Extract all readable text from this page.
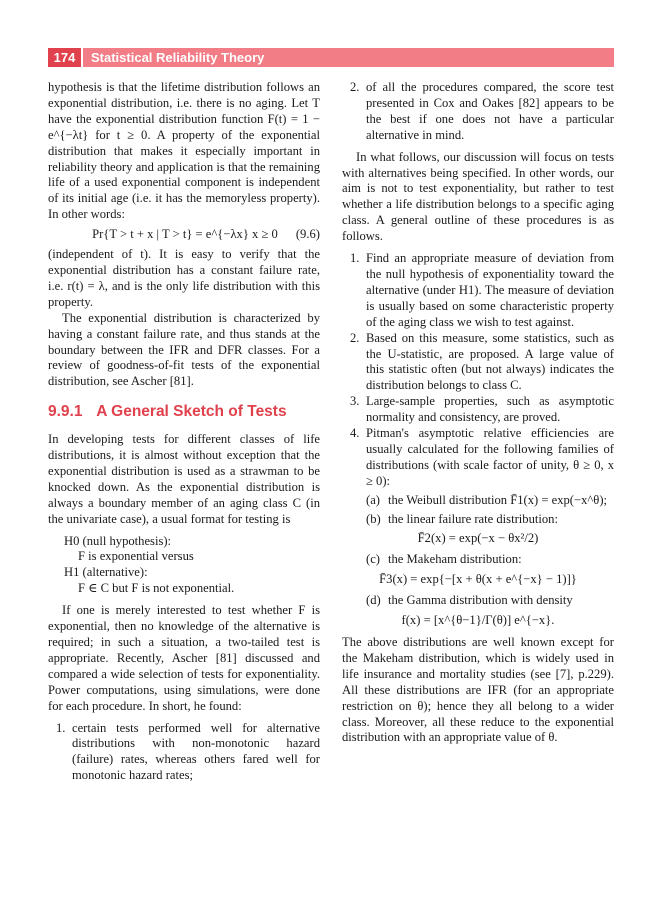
174	Statistical Reliability Theory

hypothesis is that the lifetime distribution follows an exponential distribution, i.e. there is no aging. Let T have the exponential distribution function F(t) = 1 − e^{−λt} for t ≥ 0. A property of the exponential distribution that makes it especially important in reliability theory and application is that the remaining life of a used exponential component is independent of its initial age (i.e. it has the memoryless property). In other words:

Pr{T > t + x | T > t} = e^{−λx} x ≥ 0 (9.6)

(independent of t). It is easy to verify that the exponential distribution has a constant failure rate, i.e. r(t) = λ, and is the only life distribution with this property.

The exponential distribution is characterized by having a constant failure rate, and thus stands at the boundary between the IFR and DFR classes. For a review of goodness-of-fit tests of the exponential distribution, see Ascher [81].

9.9.1 A General Sketch of Tests

In developing tests for different classes of life distributions, it is almost without exception that the exponential distribution is used as a strawman to be knocked down. As the exponential distribution is always a boundary member of an aging class C (in the univariate case), a usual format for testing is

H0 (null hypothesis):
F is exponential versus
H1 (alternative):
F ∈ C but F is not exponential.

If one is merely interested to test whether F is exponential, then no knowledge of the alternative is required; in such a situation, a two-tailed test is appropriate. Recently, Ascher [81] discussed and compared a wide selection of tests for exponentiality. Power computations, using simulations, were done for each procedure. In short, he found:

1. certain tests performed well for alternative distributions with non-monotonic hazard (failure) rates, whereas others fared well for monotonic hazard rates;
2. of all the procedures compared, the score test presented in Cox and Oakes [82] appears to be the best if one does not have a particular alternative in mind.

In what follows, our discussion will focus on tests with alternatives being specified. In other words, our aim is not to test exponentiality, but rather to test whether a life distribution belongs to a specific aging class. A general outline of these procedures is as follows.

1. Find an appropriate measure of deviation from the null hypothesis of exponentiality toward the alternative (under H1). The measure of deviation is usually based on some characteristic property of the aging class we wish to test against.
2. Based on this measure, some statistics, such as the U-statistic, are proposed. A large value of this statistic often (but not always) indicates the distribution belongs to class C.
3. Large-sample properties, such as asymptotic normality and consistency, are proved.
4. Pitman's asymptotic relative efficiencies are usually calculated for the following families of distributions (with scale factor of unity, θ ≥ 0, x ≥ 0):
(a) the Weibull distribution F̄1(x) = exp(−x^θ);
(b) the linear failure rate distribution:
F̄2(x) = exp(−x − θx²/2)
(c) the Makeham distribution:
F̄3(x) = exp{−[x + θ(x + e^{−x} − 1)]}
(d) the Gamma distribution with density
f(x) = [x^{θ−1}/Γ(θ)] e^{−x}.

The above distributions are well known except for the Makeham distribution, which is widely used in life insurance and mortality studies (see [7], p.229). All these distributions are IFR (for an appropriate restriction on θ); hence they all belong to a wider class. Moreover, all these reduce to the exponential distribution with an appropriate value of θ.
